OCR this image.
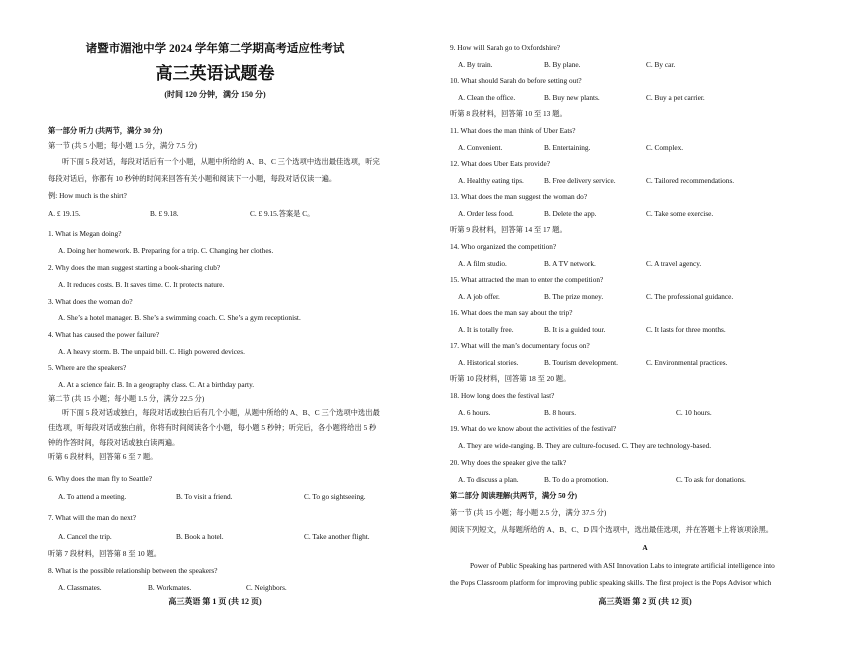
诸暨市湄池中学 2024 学年第二学期高考适应性考试
高三英语试题卷
(时间 120 分钟，满分 150 分)
第一部分 听力 (共两节，满分 30 分)
第一节 (共 5 小题；每小题 1.5 分，满分 7.5 分)
听下面 5 段对话，每段对话后有一个小题，从题中所给的 A、B、C 三个选项中选出最佳选项，听完
每段对话后，你都有 10 秒钟的时间来回答有关小题和阅读下一小题，每段对话仅读一遍。
例: How much is the shirt?
A. £ 19.15.	B. £ 9.18.	C. £ 9.15.答案是 C。
1. What is Megan doing?
A. Doing her homework. B. Preparing for a trip. C. Changing her clothes.
2. Why does the man suggest starting a book-sharing club?
A. It reduces costs. B. It saves time. C. It protects nature.
3. What does the woman do?
A. She’s a hotel manager. B. She’s a swimming coach. C. She’s a gym receptionist.
4. What has caused the power failure?
A. A heavy storm. B. The unpaid bill. C. High powered devices.
5. Where are the speakers?
A. At a science fair. B. In a geography class. C. At a birthday party.
第二节 (共 15 小题；每小题 1.5 分，满分 22.5 分)
听下面 5 段对话或独白，每段对话或独白后有几个小题，从题中所给的 A、B、C 三个选项中选出最
佳选项，听每段对话或独白前，你将有时间阅读各个小题，每小题 5 秒钟；听完后，各小题将给出 5 秒
钟的作答时间，每段对话或独白读两遍。
听第 6 段材料，回答第 6 至 7 题。
6. Why does the man fly to Seattle?
A. To attend a meeting.	B. To visit a friend.	C. To go sightseeing.
7. What will the man do next?
A. Cancel the trip.	B. Book a hotel.	C. Take another flight.
听第 7 段材料，回答第 8 至 10 题。
8. What is the possible relationship between the speakers?
A. Classmates.	B. Workmates.	C. Neighbors.
高三英语 第 1 页 (共 12 页)
9. How will Sarah go to Oxfordshire?
A. By train.	B. By plane.	C. By car.
10. What should Sarah do before setting out?
A. Clean the office.	B. Buy new plants.	C. Buy a pet carrier.
听第 8 段材料，回答第 10 至 13 题。
11. What does the man think of Uber Eats?
A. Convenient.	B. Entertaining.	C. Complex.
12. What does Uber Eats provide?
A. Healthy eating tips.	B. Free delivery service.	C. Tailored recommendations.
13. What does the man suggest the woman do?
A. Order less food.	B. Delete the app.	C. Take some exercise.
听第 9 段材料，回答第 14 至 17 题。
14. Who organized the competition?
A. A film studio.	B. A TV network.	C. A travel agency.
15. What attracted the man to enter the competition?
A. A job offer.	B. The prize money.	C. The professional guidance.
16. What does the man say about the trip?
A. It is totally free.	B. It is a guided tour.	C. It lasts for three months.
17. What will the man’s documentary focus on?
A. Historical stories.	B. Tourism development.	C. Environmental practices.
听第 10 段材料，回答第 18 至 20 题。
18. How long does the festival last?
A. 6 hours.	B. 8 hours.	C. 10 hours.
19. What do we know about the activities of the festival?
A. They are wide-ranging. B. They are culture-focused. C. They are technology-based.
20. Why does the speaker give the talk?
A. To discuss a plan.	B. To do a promotion.	C. To ask for donations.
第二部分 阅读理解(共两节，满分 50 分)
第一节 (共 15 小题；每小题 2.5 分，满分 37.5 分)
阅读下列短文，从每题所给的 A、B、C、D 四个选项中，选出最佳选项，并在答题卡上将该项涂黑。
A
Power of Public Speaking has partnered with ASI Innovation Labs to integrate artificial intelligence into
the Pops Classroom platform for improving public speaking skills. The first project is the Pops Advisor which
高三英语 第 2 页 (共 12 页)
